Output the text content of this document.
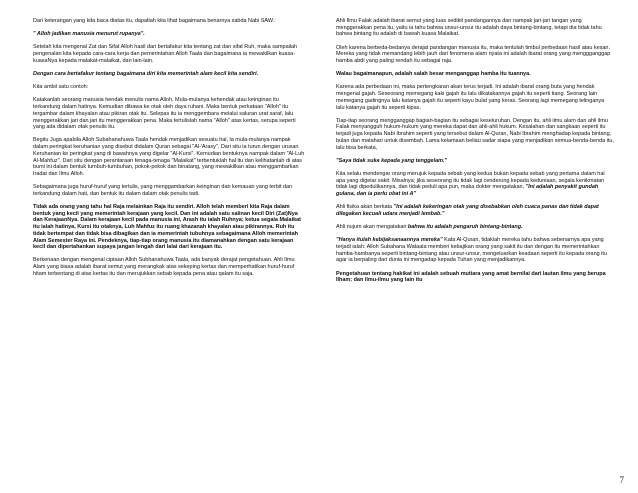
Dari keterangan yang kita baca diatas itu, dapatlah kita lihat bagaimana benarnya sabda Nabi SAW.:

" Alloh jadikan manusia menurut rupanya".

Setelah kita mengenal Zat dan Sifat Alloh hasil dari bertafakur kita tentang zat dan sifat Ruh, maka sampailah pengenalan kita kepada cara-cara kerja dan pemerintahan Alloh Taala dan bagaimana ia mewakilkan kuasa-kuasaNya kepada malakat-malaikat, dan lain-lain.

Dengan cara bertafakur tentang bagaimana diri kita memerintah alam kecil kita sendiri.

Kita ambil satu contoh:

Katakanlah seorang manusia hendak menulis nama Alloh. Mula-mulanya kehendak atau keinginan itu terkandung dalam hatinya. Kemudian dibawa ke otak oleh daya ruhani. Maka bentuk perkataan "Alloh" itu tergambar dalam khayalan atau pikiran otak itu. Selepas itu ia menggembara melalui saluran urat saraf, lalu menggerakkan jari dan jari itu menggerakkan pena. Maka tertulislah nama "Alloh" atas kertas, serupa seperti yang ada didalam otak penulis itu.

Begitu Juga apabila Alloh Subahanahuwa Taala hendak menjadikan sesuatu hal, la mula-mulanya nampak dalam peringkat keruhanian yang disebut didalam Quran sebagai "Al-'Arasy". Dari situ ia turun dengan urusan Keruhanian ke peringkat yang di bawahnya yang digelar "Al-Kursi". Kemudian bentuknya nampak dalam "Al-Luh Al-Mahfuz". Dari situ dengan perantaraan tenaga-tenaga "Malaikat" terbentuklah hal itu dan kelihatanlah di atas bumi ini dalam bentuk tumbuh-tumbuhan, pokok-pokok dan binatang, yang mewakilkan atau menggambarkan Iradat dan Ilmu Alloh.

Sebagaimana juga huruf-huruf yang tertulis, yang menggambarkan keinginan dan kemauan yang terbit dan terkandung dalam hati, dan bentuk itu dalam dalam otak penulis tadi.

Tidak ada orang yang tahu hal Raja melainkan Raja itu sendiri. Alloh telah memberi kita Raja dalam bentuk yang kecil yang memerintah kerajaan yang kecil. Dan ini adalah satu salinan kecil Diri (Zat)Nya dan KerajaanNya. Dalam kerajaan kecil pada manusia ini, Arash itu ialah Ruhnya; ketua segala Malaikat itu ialah hatinya, Kursi itu otaknya, Luh Mahfuz itu ruang khazanah khayalan atau pikirannya. Ruh itu tidak bertempat dan tidak bisa dibagikan dan ia memerintah tubuhnya sebagaimana Alloh memerintah Alam Semester Raya ini. Pendeknya, tiap-tiap orang manusia itu diamanahkan dengan satu kerajaan kecil dan dipertahankan supaya jangan lengah dari lalai dari kerajaan itu.

Berkenaan dengan mengenal ciptaan Alloh Subhanahuwa Taala, ada banyak derajat pengetahuan. Ahli Ilmu Alam yang biasa adalah ibarat semut yang merangkak atas sekeping kertas dan memperhatikan huruf-huruf hitam terbentang di atas kertas itu dan merujukkan sebab kepada pena atau qalam itu saja.

Ahli Ilmu Falak adalah ibarat semut yang luas sedikit pandangannya dan nampak jari-jari tangan yang menggerakkan pena itu, yaitu ia tahu bahwa unsur-unsur itu adalah daya bintang-bintang, tetapi dia tidak tahu bahwa bintang itu adalah di bawah kuasa Malaikat.

Oleh karena berbeda-bedanya derajat pandangan manusia itu, maka tentulah timbul perbedaan hasil atau kesan. Mereka yang tidak memandang lebih jauh dari fenomena alam nyata ini adalah ibarat orang yang menggganggap hamba abdi yang paling rendah itu sebagai raja.

Walau bagaimanapun, adalah salah besar menganggap hamba itu tuannya.

Karena ada perbedaan ini, maka pertengkaran akan terus terjadi. Ini adalah ibarat orang buta yang hendak mengenal gajah. Seseorang memegang kaki gajah itu lalu dikatakannya gajah itu seperti tiang. Seorang lain memegang gadingnya lalu katanya gajah itu seperti kayu bulat yang keras. Seorang lagi memegang telinganya lalu katanya gajah itu seperti kipas.

Tiap-tiap seorang mengganggap bagian-bagian itu sebagai keseluruhan. Dengan itu, ahli ilmu alam dan ahli ilmu Falak menyangguh hukum-hukum yang mereka dapat dan ahli-ahli hukum. Kesalahan dan sangkaan seperti itu terjadi juga kepada Nabi Ibrahim seperti yang tersebut dalam Al-Quran, Nabi Ibrahim menghadap kepada bintang, bulan dan matahari untuk disembah. Lama kelamaan beliau sadar siapa yang menjadikan semua-benda-benda itu, lalu bisa berkata,

"Saya tidak suka kepada yang tenggelam."

Kita selalu mendengar orang merujuk kepada sebab yang kedua bukan kepada sebab yang pertama dalam hal apa yang digelar sakit. Misalnya; jika seseorang itu tidak lagi cenderung kepada keduniaan, segala kenikmatan tidak lagi dipedulikannya, dan tidak peduli apa pun, maka dokter mengatakan, "Ini adalah penyakit gundah gulana, dan ia perlu obat ini A"

Ahli fisika akan berkata "Ini adalah kekeringan otak yang disebabkan oleh cuaca panas dan tidak dapat dilegakan kecuali udara menjadi lembab."

Ahli nujum akan mengatakan bahwa itu adalah pengaruh bintang-bintang.

"Hanya itulah kebijaksanaannya mereka" Kata Al-Quran, tidaklah mereka tahu bahwa sebenarnya apa yang terjadi ialah: Alloh Subahana Wataala memberi kebajikan orang yang sakit itu dan dengan itu memerintahkan hamba-hambanya seperti bintang-bintang atau unsur-unsur, mengeluarkan keadaan seperti itu kepada orang itu agar ia berpaling dari dunia ini mengadap kepada Tuhan yang menjadikannya.

Pengetahuan tentang hakikat ini adalah sebuah mutiara yang amat bernilai dari lautan ilmu yang berupa Ilham; dan ilmu-ilmu yang lain itu

7
